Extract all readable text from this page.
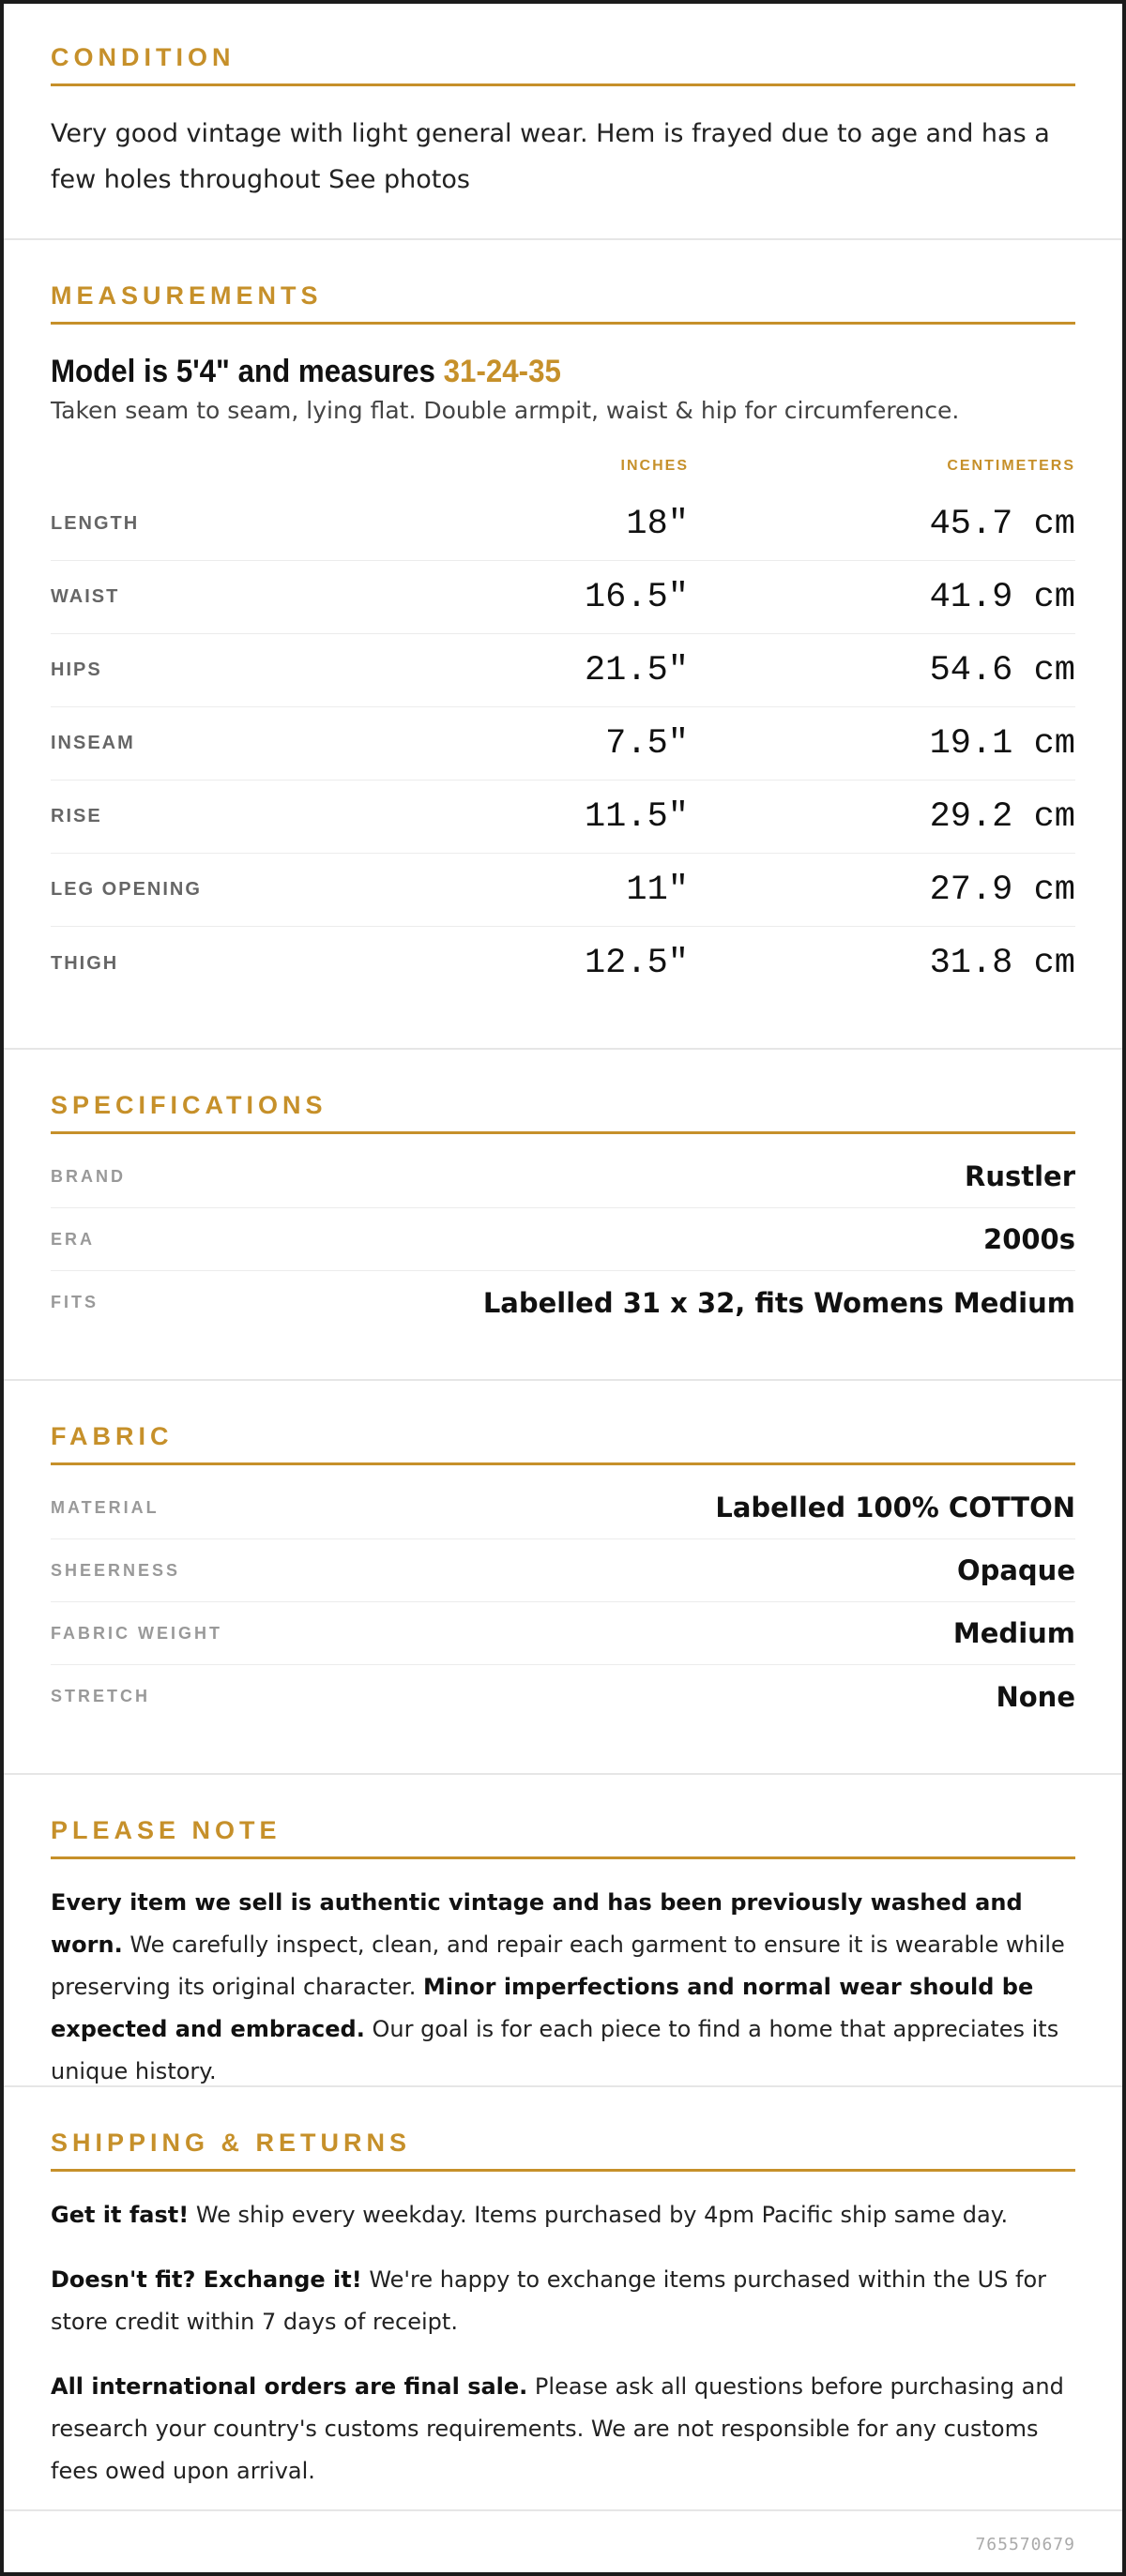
CONDITION
Very good vintage with light general wear. Hem is frayed due to age and has a few holes throughout See photos
MEASUREMENTS
Model is 5'4" and measures 31-24-35
Taken seam to seam, lying flat. Double armpit, waist & hip for circumference.
INCHES	CENTIMETERS
LENGTH	18"	45.7 cm
WAIST	16.5"	41.9 cm
HIPS	21.5"	54.6 cm
INSEAM	7.5"	19.1 cm
RISE	11.5"	29.2 cm
LEG OPENING	11"	27.9 cm
THIGH	12.5"	31.8 cm
SPECIFICATIONS
BRAND	Rustler
ERA	2000s
FITS	Labelled 31 x 32, fits Womens Medium
FABRIC
MATERIAL	Labelled 100% COTTON
SHEERNESS	Opaque
FABRIC WEIGHT	Medium
STRETCH	None
PLEASE NOTE

Every item we sell is authentic vintage and has been previously washed and worn. We carefully inspect, clean, and repair each garment to ensure it is wearable while preserving its original character. Minor imperfections and normal wear should be expected and embraced. Our goal is for each piece to find a home that appreciates its unique history.

SHIPPING & RETURNS

Get it fast! We ship every weekday. Items purchased by 4pm Pacific ship same day.

Doesn't fit? Exchange it! We're happy to exchange items purchased within the US for store credit within 7 days of receipt.

All international orders are final sale. Please ask all questions before purchasing and research your country's customs requirements. We are not responsible for any customs fees owed upon arrival.

765570679
